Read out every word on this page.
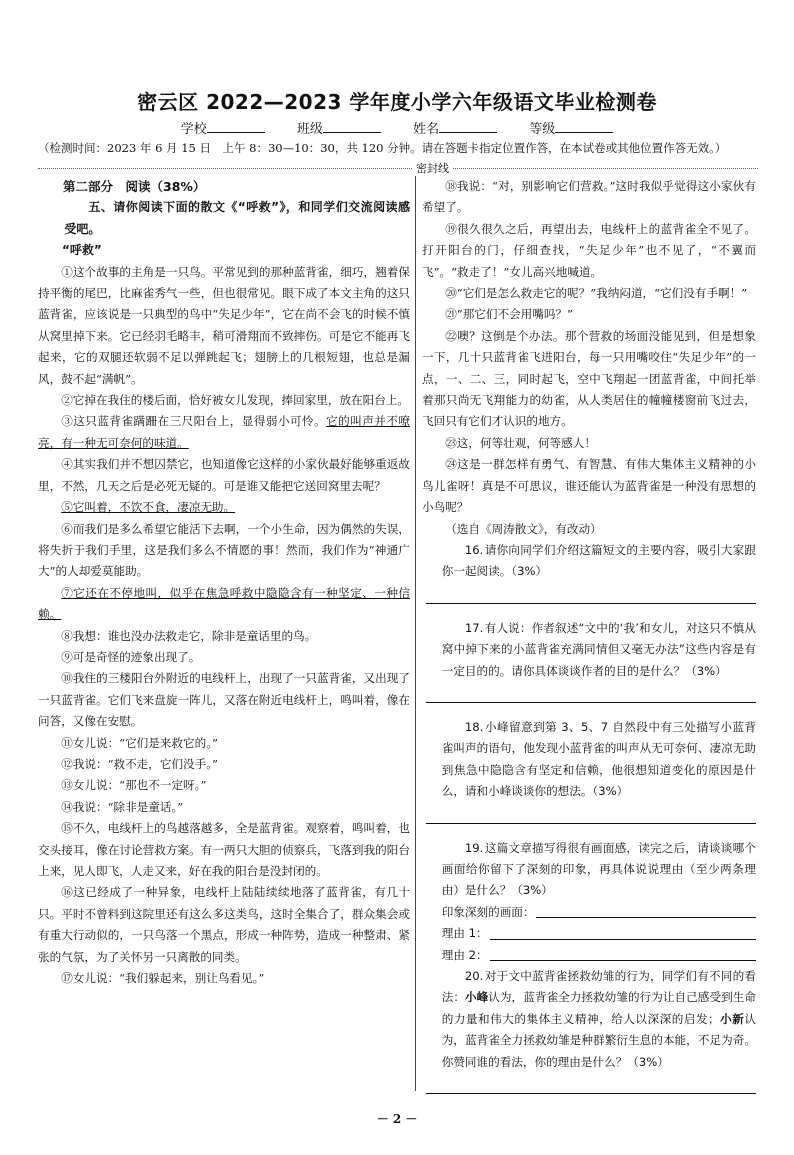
密云区 2022—2023 学年度小学六年级语文毕业检测卷
学校	班级	姓名	等级
（检测时间：2023 年 6 月 15 日　上午 8：30—10：30，共 120 分钟。请在答题卡指定位置作答，在本试卷或其他位置作答无效。）
密封线

第二部分　阅读（38%）

五、请你阅读下面的散文《“呼救”》，和同学们交流阅读感受吧。

“呼救”

①这个故事的主角是一只鸟。平常见到的那种蓝背雀，细巧，翘着保持平衡的尾巴，比麻雀秀气一些，但也很常见。眼下成了本文主角的这只蓝背雀，应该说是一只典型的鸟中“失足少年”，它在尚不会飞的时候不慎从窝里掉下来。它已经羽毛略丰，稍可滑翔而不致摔伤。可是它不能再飞起来，它的双腿还软弱不足以弹跳起飞；翅膀上的几根短翅，也总是漏风，鼓不起“满帆”。

②它掉在我住的楼后面，恰好被女儿发现，捧回家里，放在阳台上。

③这只蓝背雀蹒跚在三尺阳台上，显得弱小可怜。它的叫声并不嘹亮，有一种无可奈何的味道。

④其实我们并不想囚禁它，也知道像它这样的小家伙最好能够重返故里，不然，几天之后是必死无疑的。可是谁又能把它送回窝里去呢？

⑤它叫着，不饮不食，凄凉无助。

⑥而我们是多么希望它能活下去啊，一个小生命，因为偶然的失误，将失折于我们手里，这是我们多么不情愿的事！然而，我们作为“神通广大”的人却爱莫能助。

⑦它还在不停地叫，似乎在焦急呼救中隐隐含有一种坚定、一种信赖。

⑧我想：谁也没办法救走它，除非是童话里的鸟。

⑨可是奇怪的迹象出现了。

⑩我住的三楼阳台外附近的电线杆上，出现了一只蓝背雀，又出现了一只蓝背雀。它们飞来盘旋一阵儿，又落在附近电线杆上，鸣叫着，像在问答，又像在安慰。

⑪女儿说：“它们是来救它的。”

⑫我说：“救不走，它们没手。”

⑬女儿说：“那也不一定呀。”

⑭我说：“除非是童话。”

⑮不久，电线杆上的鸟越落越多，全是蓝背雀。观察着，鸣叫着，也交头接耳，像在讨论营救方案。有一两只大胆的侦察兵，飞落到我的阳台上来，见人即飞，人走又来，好在我的阳台是没封闭的。

⑯这已经成了一种异象，电线杆上陆陆续续地落了蓝背雀，有几十只。平时不曾料到这院里还有这么多这类鸟，这时全集合了，群众集会或有重大行动似的，一只鸟落一个黑点，形成一种阵势，造成一种整肃、紧张的气氛，为了关怀另一只离散的同类。

⑰女儿说：“我们躲起来，别让鸟看见。”

⑱我说：“对，别影响它们营救。”这时我似乎觉得这小家伙有希望了。

⑲很久很久之后，再望出去，电线杆上的蓝背雀全不见了。打开阳台的门，仔细查找，“失足少年”也不见了，“不翼而飞”。“救走了！”女儿高兴地喊道。

⑳“它们是怎么救走它的呢？”我纳闷道，“它们没有手啊！”

㉑“那它们不会用嘴吗？”

㉒噢？这倒是个办法。那个营救的场面没能见到，但是想象一下，几十只蓝背雀飞进阳台，每一只用嘴咬住“失足少年”的一点，一、二、三，同时起飞，空中飞翔起一团蓝背雀，中间托举着那只尚无飞翔能力的幼雀，从人类居住的幢幢楼窗前飞过去，飞回只有它们才认识的地方。

㉓这，何等壮观，何等感人！

㉔这是一群怎样有勇气、有智慧、有伟大集体主义精神的小鸟儿雀呀！真是不可思议，谁还能认为蓝背雀是一种没有思想的小鸟呢？

（选自《周涛散文》，有改动）

16.请你向同学们介绍这篇短文的主要内容，吸引大家跟你一起阅读。（3%）

17.有人说：作者叙述“文中的‘我’和女儿，对这只不慎从窝中掉下来的小蓝背雀充满同情但又毫无办法”这些内容是有一定目的的。请你具体谈谈作者的目的是什么？（3%）

18.小峰留意到第 3、5、7 自然段中有三处描写小蓝背雀叫声的语句，他发现小蓝背雀的叫声从无可奈何、凄凉无助到焦急中隐隐含有坚定和信赖，他很想知道变化的原因是什么，请和小峰谈谈你的想法。（3%）

19.这篇文章描写得很有画面感，读完之后，请谈谈哪个画面给你留下了深刻的印象，再具体说说理由（至少两条理由）是什么？（3%）

印象深刻的画面：
理由 1：
理由 2：

20.对于文中蓝背雀拯救幼雏的行为，同学们有不同的看法：小峰认为，蓝背雀全力拯救幼雏的行为让自己感受到生命的力量和伟大的集体主义精神，给人以深深的启发；小新认为，蓝背雀全力拯救幼雏是种群繁衍生息的本能，不足为奇。你赞同谁的看法，你的理由是什么？（3%）

－ 2 －
